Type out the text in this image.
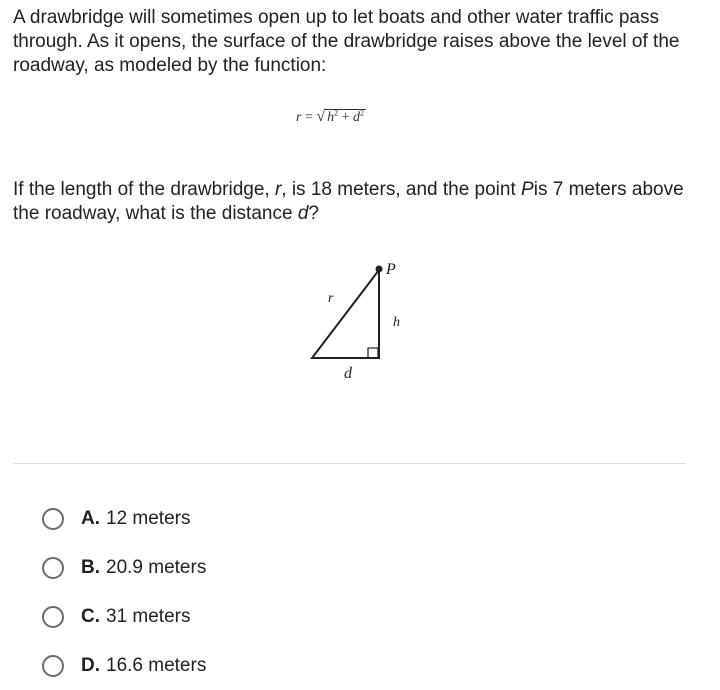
A drawbridge will sometimes open up to let boats and other water traffic pass through. As it opens, the surface of the drawbridge raises above the level of the roadway, as modeled by the function:
r = √ $h^2 + d^2$
If the length of the drawbridge, r, is 18 meters, and the point Pis 7 meters above the roadway, what is the distance d?
P
r
h
d
A. 12 meters
B. 20.9 meters
C. 31 meters
D. 16.6 meters
